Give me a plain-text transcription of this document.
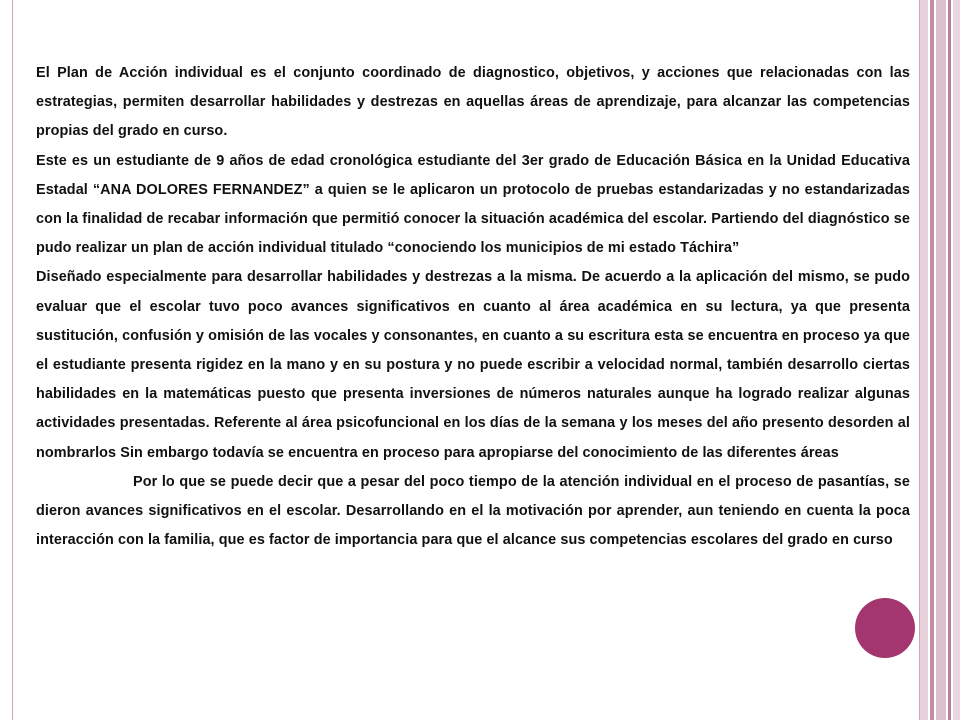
El Plan de Acción individual es el conjunto coordinado de diagnostico, objetivos, y acciones que relacionadas con las estrategias, permiten desarrollar habilidades y destrezas en aquellas áreas de aprendizaje, para alcanzar las competencias propias del grado en curso.

Este es un estudiante de 9 años de edad cronológica estudiante del 3er grado de Educación Básica en la Unidad Educativa Estadal “ANA DOLORES FERNANDEZ” a quien se le aplicaron un protocolo de pruebas estandarizadas y no estandarizadas con la finalidad de recabar información que permitió conocer la situación académica del escolar. Partiendo del diagnóstico se pudo realizar un plan de acción individual titulado “conociendo los municipios de mi estado Táchira”

Diseñado especialmente para desarrollar habilidades y destrezas a la misma. De acuerdo a la aplicación del mismo, se pudo evaluar que el escolar tuvo poco avances significativos en cuanto al área académica en su lectura, ya que presenta sustitución, confusión y omisión de las vocales y consonantes, en cuanto a su escritura esta se encuentra en proceso ya que el estudiante presenta rigidez en la mano y en su postura y no puede escribir a velocidad normal, también desarrollo ciertas habilidades en la matemáticas puesto que presenta inversiones de números naturales aunque ha logrado realizar algunas actividades presentadas. Referente al área psicofuncional en los días de la semana y los meses del año presento desorden al nombrarlos Sin embargo todavía se encuentra en proceso para apropiarse del conocimiento de las diferentes áreas

Por lo que se puede decir que a pesar del poco tiempo de la atención individual en el proceso de pasantías, se dieron avances significativos en el escolar. Desarrollando en el la motivación por aprender, aun teniendo en cuenta la poca interacción con la familia, que es factor de importancia para que el alcance sus competencias escolares del grado en curso
